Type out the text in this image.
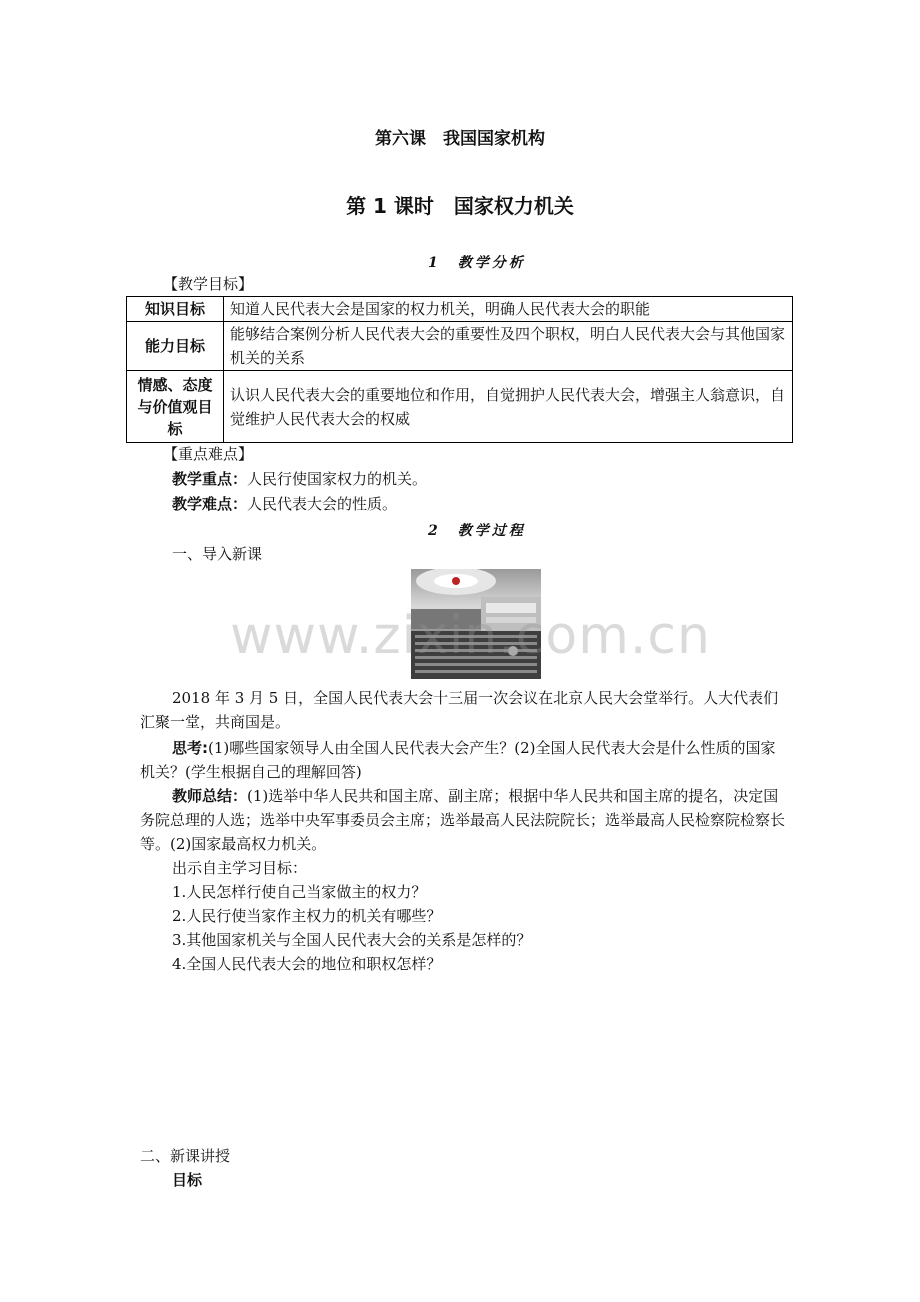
第六课　我国国家机构
第 1 课时　国家权力机关
1　教学分析
【教学目标】
知识目标	知道人民代表大会是国家的权力机关，明确人民代表大会的职能
能力目标	能够结合案例分析人民代表大会的重要性及四个职权，明白人民代表大会与其他国家机关的关系
情感、态度与价值观目标	认识人民代表大会的重要地位和作用，自觉拥护人民代表大会，增强主人翁意识，自觉维护人民代表大会的权威
【重点难点】
教学重点：人民行使国家权力的机关。
教学难点：人民代表大会的性质。
2　教学过程
一、导入新课
www.zixin.com.cn
2018 年 3 月 5 日，全国人民代表大会十三届一次会议在北京人民大会堂举行。人大代表们汇聚一堂，共商国是。
思考:(1)哪些国家领导人由全国人民代表大会产生？(2)全国人民代表大会是什么性质的国家机关？(学生根据自己的理解回答)
教师总结：(1)选举中华人民共和国主席、副主席；根据中华人民共和国主席的提名，决定国务院总理的人选；选举中央军事委员会主席；选举最高人民法院院长；选举最高人民检察院检察长等。(2)国家最高权力机关。
出示自主学习目标：
1.人民怎样行使自己当家做主的权力？
2.人民行使当家作主权力的机关有哪些？
3.其他国家机关与全国人民代表大会的关系是怎样的？
4.全国人民代表大会的地位和职权怎样？
二、新课讲授
目标
